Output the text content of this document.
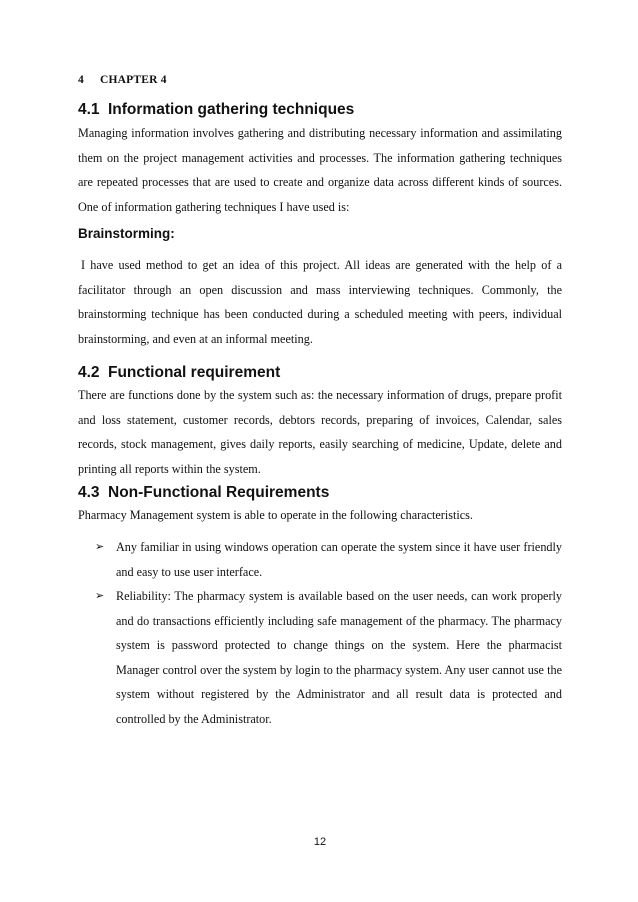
4 CHAPTER 4
4.1 Information gathering techniques

Managing information involves gathering and distributing necessary information and assimilating them on the project management activities and processes. The information gathering techniques are repeated processes that are used to create and organize data across different kinds of sources. One of information gathering techniques I have used is:

Brainstorming:

I have used method to get an idea of this project. All ideas are generated with the help of a facilitator through an open discussion and mass interviewing techniques. Commonly, the brainstorming technique has been conducted during a scheduled meeting with peers, individual brainstorming, and even at an informal meeting.

4.2 Functional requirement

There are functions done by the system such as: the necessary information of drugs, prepare profit and loss statement, customer records, debtors records, preparing of invoices, Calendar, sales records, stock management, gives daily reports, easily searching of medicine, Update, delete and printing all reports within the system.

4.3 Non-Functional Requirements

Pharmacy Management system is able to operate in the following characteristics.

➢ Any familiar in using windows operation can operate the system since it have user friendly and easy to use user interface.
➢ Reliability: The pharmacy system is available based on the user needs, can work properly and do transactions efficiently including safe management of the pharmacy. The pharmacy system is password protected to change things on the system. Here the pharmacist Manager control over the system by login to the pharmacy system. Any user cannot use the system without registered by the Administrator and all result data is protected and controlled by the Administrator.
12
